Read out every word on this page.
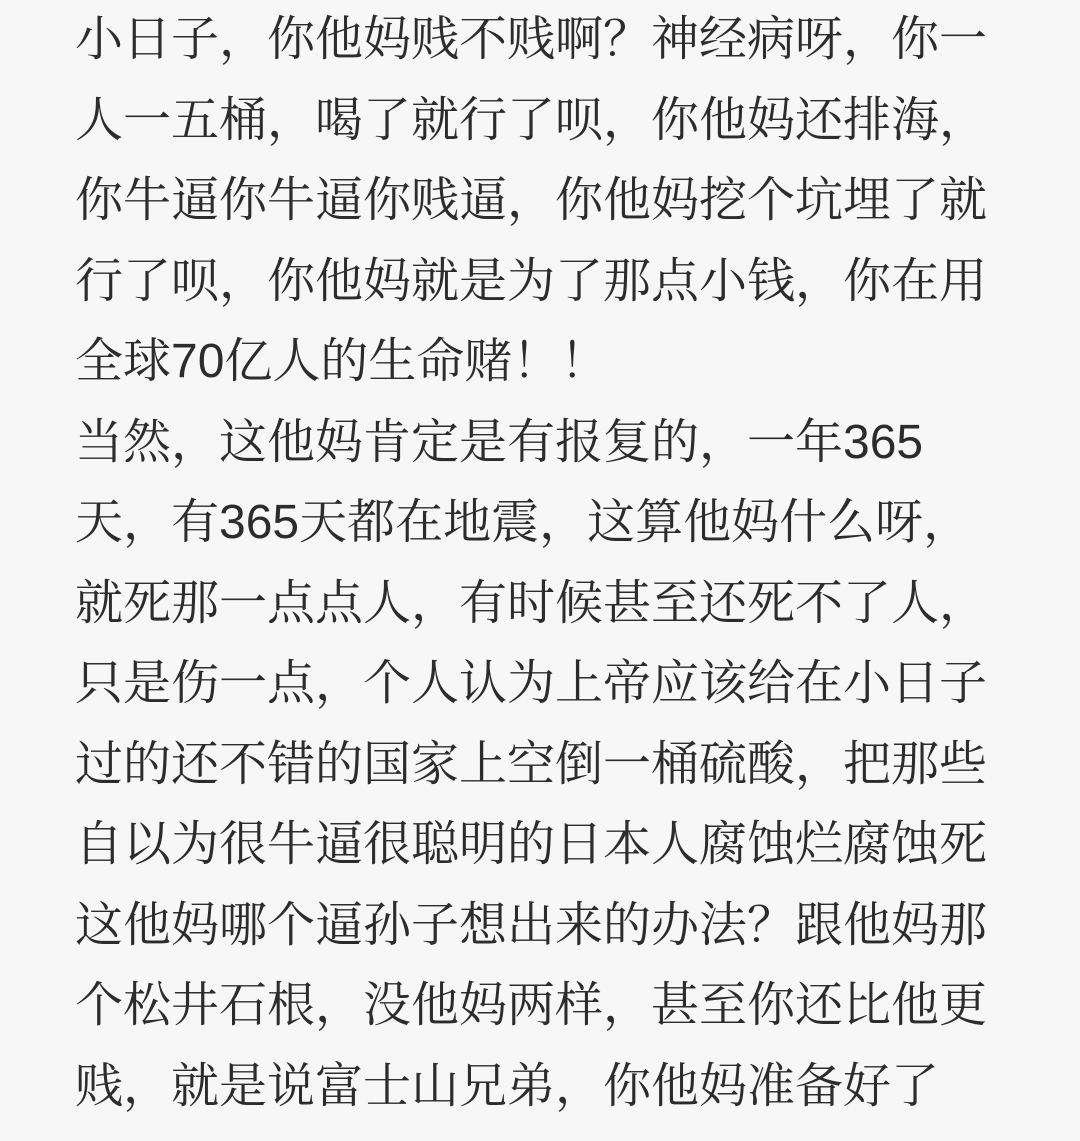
小日子，你他妈贱不贱啊？神经病呀，你一
人一五桶，喝了就行了呗，你他妈还排海，
你牛逼你牛逼你贱逼，你他妈挖个坑埋了就
行了呗，你他妈就是为了那点小钱，你在用
全球70亿人的生命赌！！
当然，这他妈肯定是有报复的，一年365
天，有365天都在地震，这算他妈什么呀，
就死那一点点人，有时候甚至还死不了人，
只是伤一点，个人认为上帝应该给在小日子
过的还不错的国家上空倒一桶硫酸，把那些
自以为很牛逼很聪明的日本人腐蚀烂腐蚀死
这他妈哪个逼孙子想出来的办法？跟他妈那
个松井石根，没他妈两样，甚至你还比他更
贱，就是说富士山兄弟，你他妈准备好了
